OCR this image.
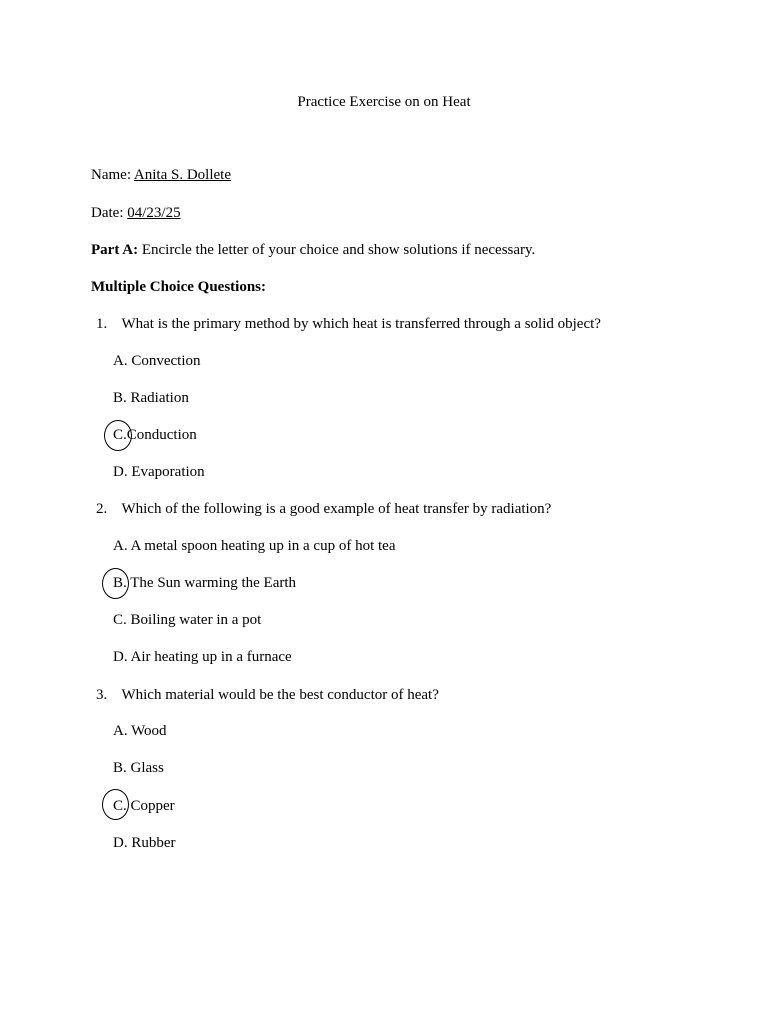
Practice Exercise on on Heat
Name: Anita S. Dollete
Date: 04/23/25
Part A: Encircle the letter of your choice and show solutions if necessary.
Multiple Choice Questions:
1. What is the primary method by which heat is transferred through a solid object?
A. Convection
B. Radiation
C.Conduction
D. Evaporation
2. Which of the following is a good example of heat transfer by radiation?
A. A metal spoon heating up in a cup of hot tea
B. The Sun warming the Earth
C. Boiling water in a pot
D. Air heating up in a furnace
3. Which material would be the best conductor of heat?
A. Wood
B. Glass
C. Copper
D. Rubber
